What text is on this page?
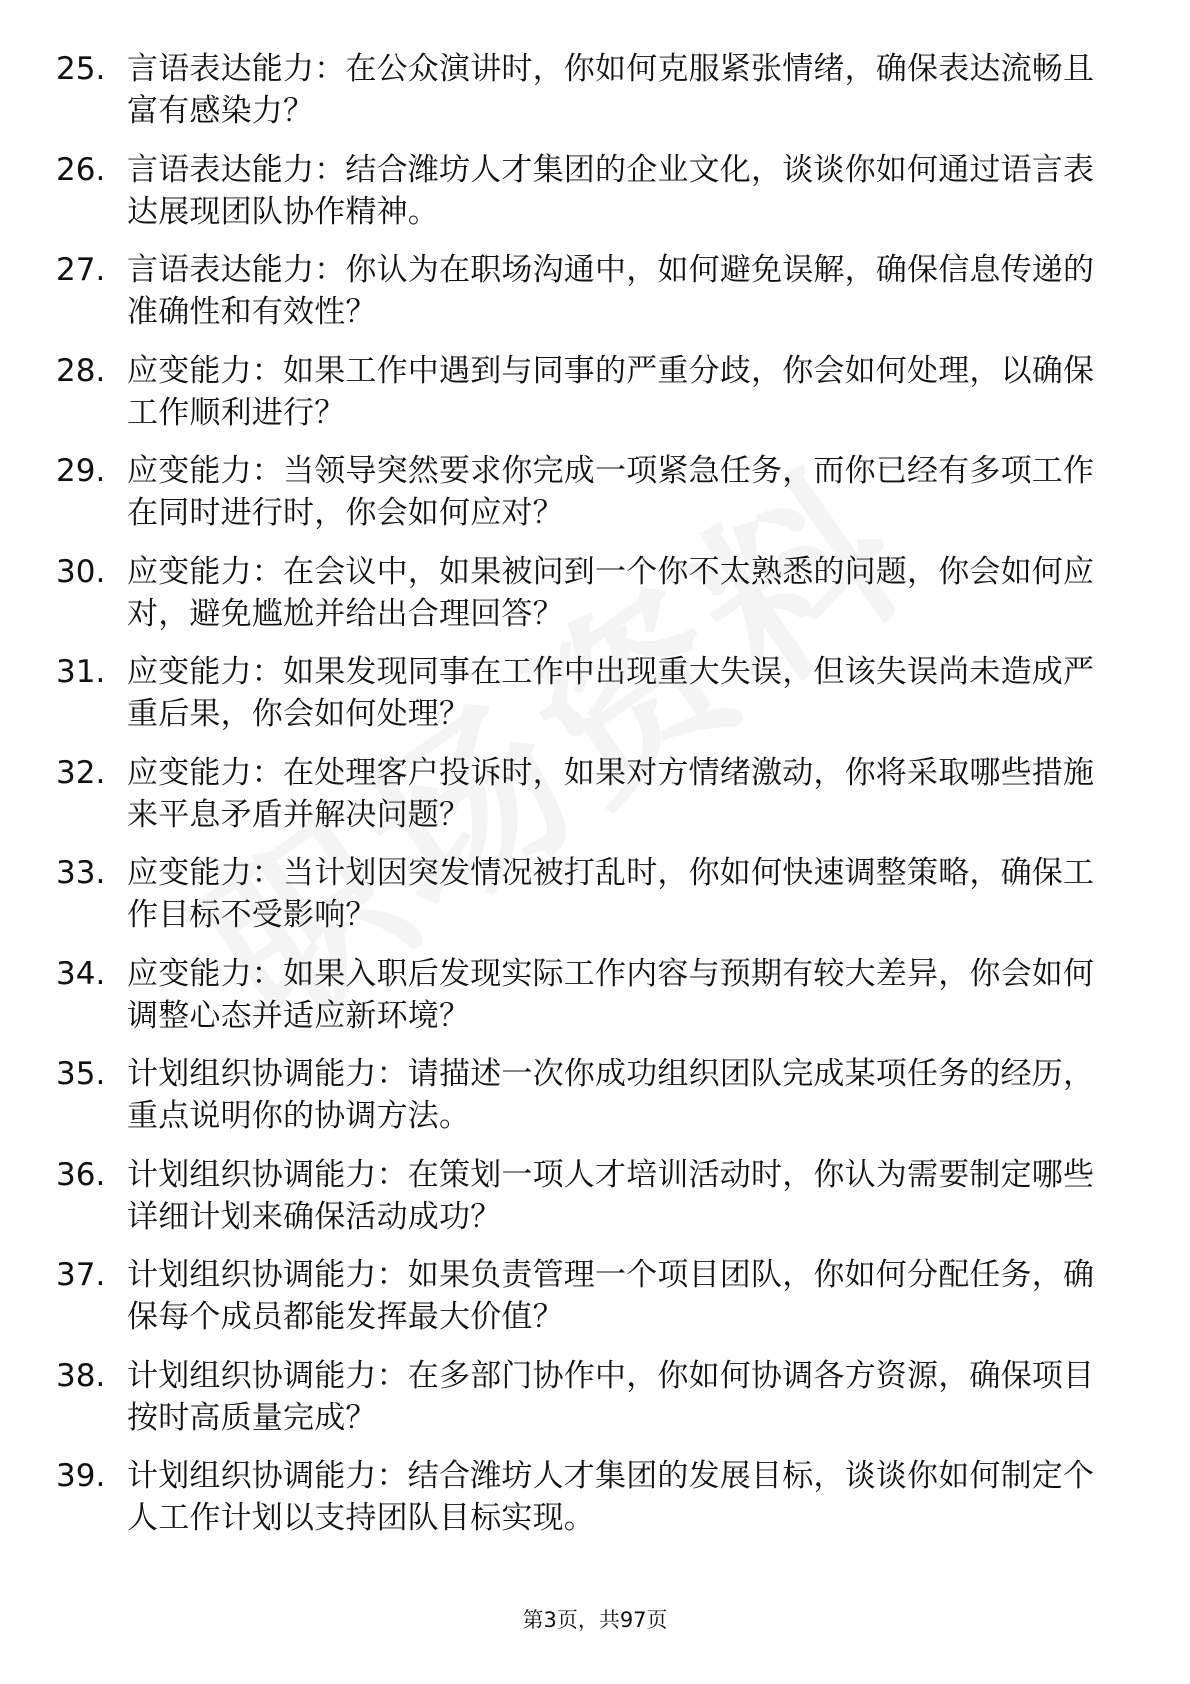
25. 言语表达能力：在公众演讲时，你如何克服紧张情绪，确保表达流畅且富有感染力？
26. 言语表达能力：结合潍坊人才集团的企业文化，谈谈你如何通过语言表达展现团队协作精神。
27. 言语表达能力：你认为在职场沟通中，如何避免误解，确保信息传递的准确性和有效性？
28. 应变能力：如果工作中遇到与同事的严重分歧，你会如何处理，以确保工作顺利进行？
29. 应变能力：当领导突然要求你完成一项紧急任务，而你已经有多项工作在同时进行时，你会如何应对？
30. 应变能力：在会议中，如果被问到一个你不太熟悉的问题，你会如何应对，避免尴尬并给出合理回答？
31. 应变能力：如果发现同事在工作中出现重大失误，但该失误尚未造成严重后果，你会如何处理？
32. 应变能力：在处理客户投诉时，如果对方情绪激动，你将采取哪些措施来平息矛盾并解决问题？
33. 应变能力：当计划因突发情况被打乱时，你如何快速调整策略，确保工作目标不受影响？
34. 应变能力：如果入职后发现实际工作内容与预期有较大差异，你会如何调整心态并适应新环境？
35. 计划组织协调能力：请描述一次你成功组织团队完成某项任务的经历，重点说明你的协调方法。
36. 计划组织协调能力：在策划一项人才培训活动时，你认为需要制定哪些详细计划来确保活动成功？
37. 计划组织协调能力：如果负责管理一个项目团队，你如何分配任务，确保每个成员都能发挥最大价值？
38. 计划组织协调能力：在多部门协作中，你如何协调各方资源，确保项目按时高质量完成？
39. 计划组织协调能力：结合潍坊人才集团的发展目标，谈谈你如何制定个人工作计划以支持团队目标实现。
第3页，共97页
